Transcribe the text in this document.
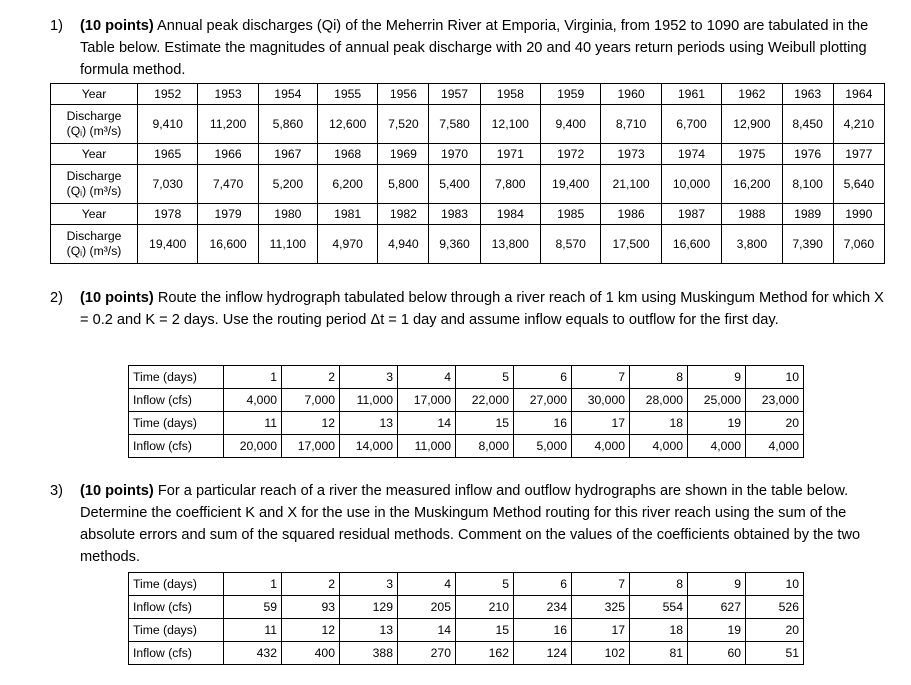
1) (10 points) Annual peak discharges (Qi) of the Meherrin River at Emporia, Virginia, from 1952 to 1090 are tabulated in the Table below. Estimate the magnitudes of annual peak discharge with 20 and 40 years return periods using Weibull plotting formula method.
Year	1952	1953	1954	1955	1956	1957	1958	1959	1960	1961	1962	1963	1964

Discharge
(Qᵢ) (m³/s)	9,410	11,200	5,860	12,600	7,520	7,580	12,100	9,400	8,710	6,700	12,900	8,450	4,210
Year	1965	1966	1967	1968	1969	1970	1971	1972	1973	1974	1975	1976	1977

Discharge
(Qᵢ) (m³/s)	7,030	7,470	5,200	6,200	5,800	5,400	7,800	19,400	21,100	10,000	16,200	8,100	5,640
Year	1978	1979	1980	1981	1982	1983	1984	1985	1986	1987	1988	1989	1990

Discharge
(Qᵢ) (m³/s)	19,400	16,600	11,100	4,970	4,940	9,360	13,800	8,570	17,500	16,600	3,800	7,390	7,060
2) (10 points) Route the inflow hydrograph tabulated below through a river reach of 1 km using Muskingum Method for which X = 0.2 and K = 2 days. Use the routing period Δt = 1 day and assume inflow equals to outflow for the first day.
Time (days)	1	2	3	4	5	6	7	8	9	10
Inflow (cfs)	4,000	7,000	11,000	17,000	22,000	27,000	30,000	28,000	25,000	23,000
Time (days)	11	12	13	14	15	16	17	18	19	20
Inflow (cfs)	20,000	17,000	14,000	11,000	8,000	5,000	4,000	4,000	4,000	4,000
3) (10 points) For a particular reach of a river the measured inflow and outflow hydrographs are shown in the table below. Determine the coefficient K and X for the use in the Muskingum Method routing for this river reach using the sum of the absolute errors and sum of the squared residual methods. Comment on the values of the coefficients obtained by the two methods.
Time (days)	1	2	3	4	5	6	7	8	9	10
Inflow (cfs)	59	93	129	205	210	234	325	554	627	526
Time (days)	11	12	13	14	15	16	17	18	19	20
Inflow (cfs)	432	400	388	270	162	124	102	81	60	51
